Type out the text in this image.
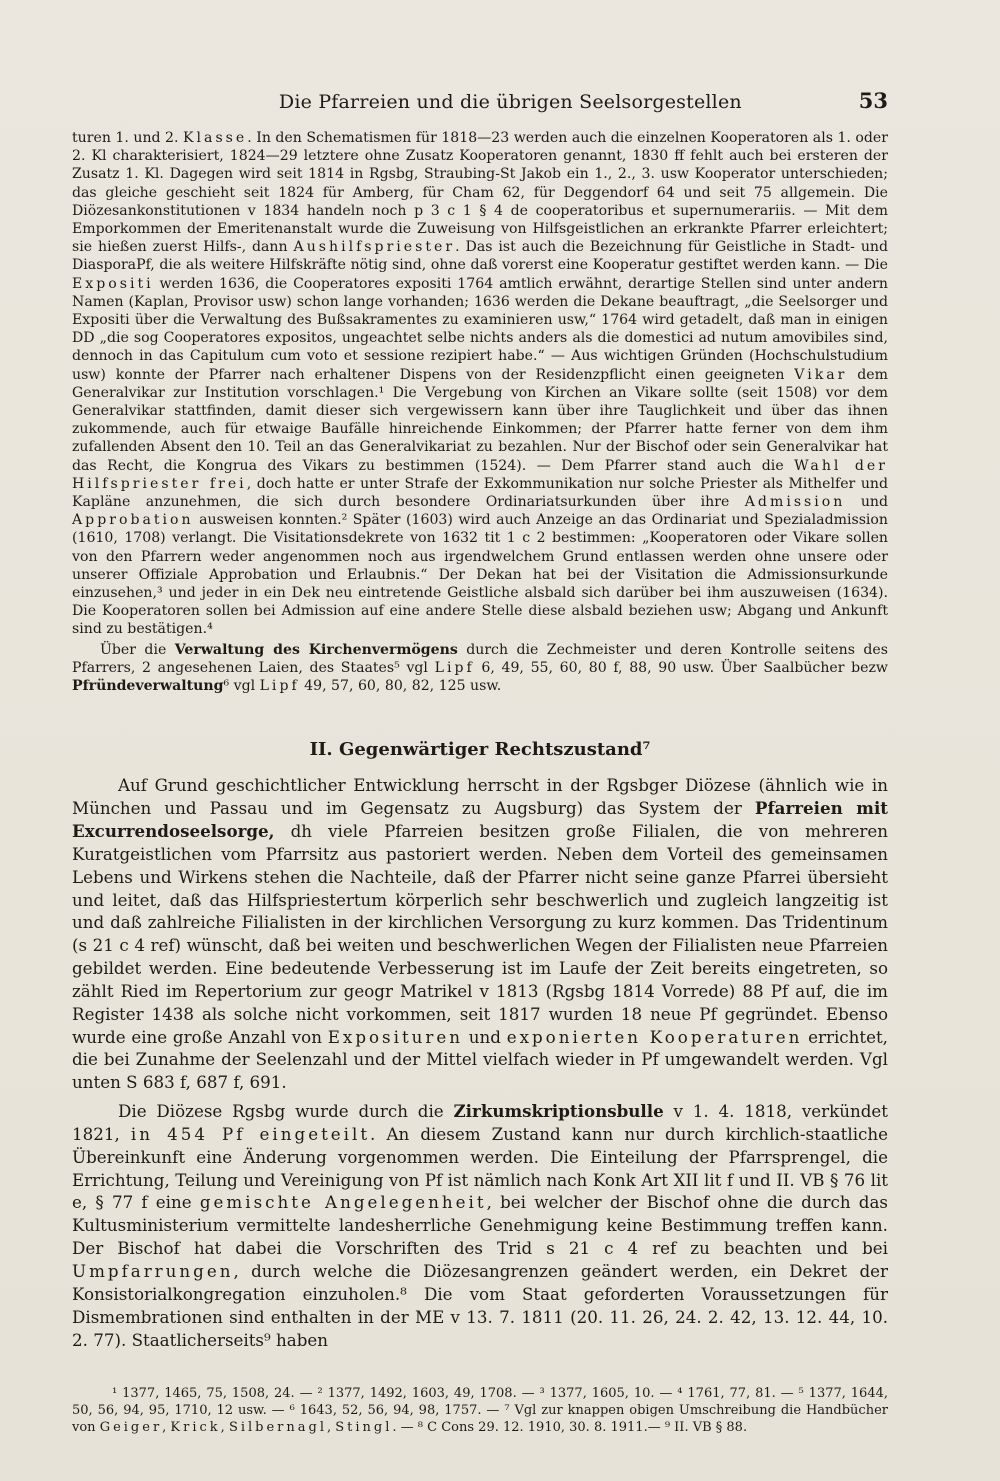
Die Pfarreien und die übrigen Seelsorgestellen	53

turen 1. und 2. Klasse. In den Schematismen für 1818—23 werden auch die einzelnen Kooperatoren als 1. oder 2. Kl charakterisiert, 1824—29 letztere ohne Zusatz Kooperatoren genannt, 1830 ff fehlt auch bei ersteren der Zusatz 1. Kl. Dagegen wird seit 1814 in Rgsbg, Straubing-St Jakob ein 1., 2., 3. usw Kooperator unterschieden; das gleiche geschieht seit 1824 für Amberg, für Cham 62, für Deggendorf 64 und seit 75 allgemein. Die Diözesankonstitutionen v 1834 handeln noch p 3 c 1 § 4 de cooperatoribus et supernumerariis. — Mit dem Emporkommen der Emeritenanstalt wurde die Zuweisung von Hilfsgeistlichen an erkrankte Pfarrer erleichtert; sie hießen zuerst Hilfs-, dann Aushilfspriester. Das ist auch die Bezeichnung für Geistliche in Stadt- und DiasporaPf, die als weitere Hilfskräfte nötig sind, ohne daß vorerst eine Kooperatur gestiftet werden kann. — Die Expositi werden 1636, die Cooperatores expositi 1764 amtlich erwähnt, derartige Stellen sind unter andern Namen (Kaplan, Provisor usw) schon lange vorhanden; 1636 werden die Dekane beauftragt, „die Seelsorger und Expositi über die Verwaltung des Bußsakramentes zu examinieren usw,“ 1764 wird getadelt, daß man in einigen DD „die sog Cooperatores expositos, ungeachtet selbe nichts anders als die domestici ad nutum amovibiles sind, dennoch in das Capitulum cum voto et sessione rezipiert habe.“ — Aus wichtigen Gründen (Hochschulstudium usw) konnte der Pfarrer nach erhaltener Dispens von der Residenzpflicht einen geeigneten Vikar dem Generalvikar zur Institution vorschlagen.¹ Die Vergebung von Kirchen an Vikare sollte (seit 1508) vor dem Generalvikar stattfinden, damit dieser sich vergewissern kann über ihre Tauglichkeit und über das ihnen zukommende, auch für etwaige Baufälle hinreichende Einkommen; der Pfarrer hatte ferner von dem ihm zufallenden Absent den 10. Teil an das Generalvikariat zu bezahlen. Nur der Bischof oder sein Generalvikar hat das Recht, die Kongrua des Vikars zu bestimmen (1524). — Dem Pfarrer stand auch die Wahl der Hilfspriester frei, doch hatte er unter Strafe der Exkommunikation nur solche Priester als Mithelfer und Kapläne anzunehmen, die sich durch besondere Ordinariatsurkunden über ihre Admission und Approbation ausweisen konnten.² Später (1603) wird auch Anzeige an das Ordinariat und Spezialadmission (1610, 1708) verlangt. Die Visitationsdekrete von 1632 tit 1 c 2 bestimmen: „Kooperatoren oder Vikare sollen von den Pfarrern weder angenommen noch aus irgendwelchem Grund entlassen werden ohne unsere oder unserer Offiziale Approbation und Erlaubnis.“ Der Dekan hat bei der Visitation die Admissionsurkunde einzusehen,³ und jeder in ein Dek neu eintretende Geistliche alsbald sich darüber bei ihm auszuweisen (1634). Die Kooperatoren sollen bei Admission auf eine andere Stelle diese alsbald beziehen usw; Abgang und Ankunft sind zu bestätigen.⁴

Über die Verwaltung des Kirchenvermögens durch die Zechmeister und deren Kontrolle seitens des Pfarrers, 2 angesehenen Laien, des Staates⁵ vgl Lipf 6, 49, 55, 60, 80 f, 88, 90 usw. Über Saalbücher bezw Pfründeverwaltung⁶ vgl Lipf 49, 57, 60, 80, 82, 125 usw.

II. Gegenwärtiger Rechtszustand⁷

Auf Grund geschichtlicher Entwicklung herrscht in der Rgsbger Diözese (ähnlich wie in München und Passau und im Gegensatz zu Augsburg) das System der Pfarreien mit Excurrendoseelsorge, dh viele Pfarreien besitzen große Filialen, die von mehreren Kuratgeistlichen vom Pfarrsitz aus pastoriert werden. Neben dem Vorteil des gemeinsamen Lebens und Wirkens stehen die Nachteile, daß der Pfarrer nicht seine ganze Pfarrei übersieht und leitet, daß das Hilfspriestertum körperlich sehr beschwerlich und zugleich langzeitig ist und daß zahlreiche Filialisten in der kirchlichen Versorgung zu kurz kommen. Das Tridentinum (s 21 c 4 ref) wünscht, daß bei weiten und beschwerlichen Wegen der Filialisten neue Pfarreien gebildet werden. Eine bedeutende Verbesserung ist im Laufe der Zeit bereits eingetreten, so zählt Ried im Repertorium zur geogr Matrikel v 1813 (Rgsbg 1814 Vorrede) 88 Pf auf, die im Register 1438 als solche nicht vorkommen, seit 1817 wurden 18 neue Pf gegründet. Ebenso wurde eine große Anzahl von Exposituren und exponierten Kooperaturen errichtet, die bei Zunahme der Seelenzahl und der Mittel vielfach wieder in Pf umgewandelt werden. Vgl unten S 683 f, 687 f, 691.

Die Diözese Rgsbg wurde durch die Zirkumskriptionsbulle v 1. 4. 1818, verkündet 1821, in 454 Pf eingeteilt. An diesem Zustand kann nur durch kirchlich-staatliche Übereinkunft eine Änderung vorgenommen werden. Die Einteilung der Pfarrsprengel, die Errichtung, Teilung und Vereinigung von Pf ist nämlich nach Konk Art XII lit f und II. VB § 76 lit e, § 77 f eine gemischte Angelegenheit, bei welcher der Bischof ohne die durch das Kultusministerium vermittelte landesherrliche Genehmigung keine Bestimmung treffen kann. Der Bischof hat dabei die Vorschriften des Trid s 21 c 4 ref zu beachten und bei Umpfarrungen, durch welche die Diözesangrenzen geändert werden, ein Dekret der Konsistorialkongregation einzuholen.⁸ Die vom Staat geforderten Voraussetzungen für Dismembrationen sind enthalten in der ME v 13. 7. 1811 (20. 11. 26, 24. 2. 42, 13. 12. 44, 10. 2. 77). Staatlicherseits⁹ haben

¹ 1377, 1465, 75, 1508, 24. — ² 1377, 1492, 1603, 49, 1708. — ³ 1377, 1605, 10. — ⁴ 1761, 77, 81. — ⁵ 1377, 1644, 50, 56, 94, 95, 1710, 12 usw. — ⁶ 1643, 52, 56, 94, 98, 1757. — ⁷ Vgl zur knappen obigen Umschreibung die Handbücher von Geiger, Krick, Silbernagl, Stingl. — ⁸ C Cons 29. 12. 1910, 30. 8. 1911.— ⁹ II. VB § 88.
